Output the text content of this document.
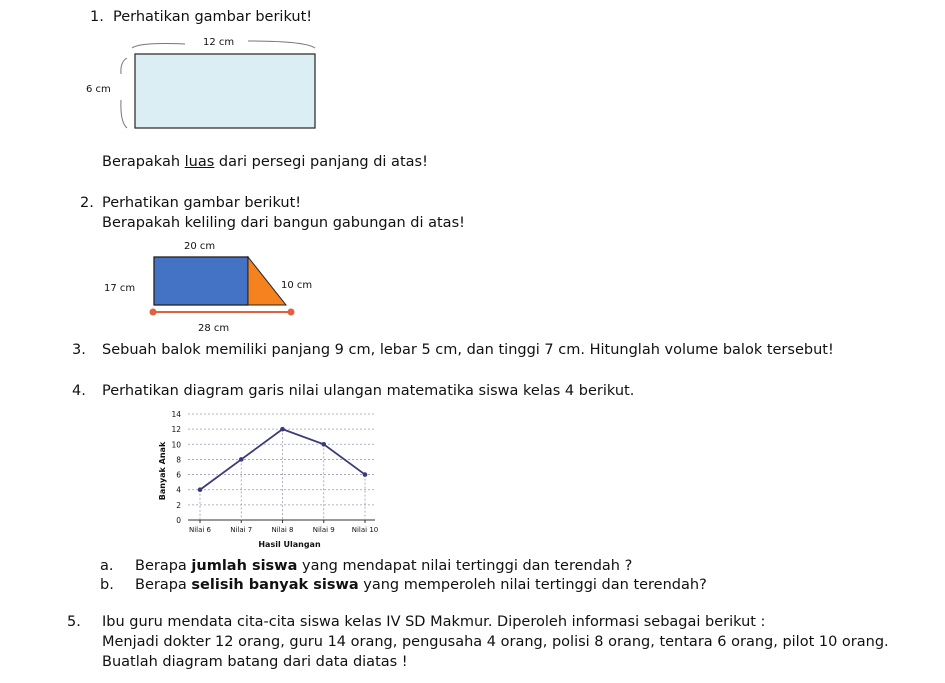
1. Perhatikan gambar berikut!
12 cm
6 cm
Berapakah luas dari persegi panjang di atas!
2. Perhatikan gambar berikut!
Berapakah keliling dari bangun gabungan di atas!
20 cm
17 cm	10 cm
28 cm
3. Sebuah balok memiliki panjang 9 cm, lebar 5 cm, dan tinggi 7 cm. Hitunglah volume balok tersebut!
4. Perhatikan diagram garis nilai ulangan matematika siswa kelas 4 berikut.
0
2
4
6
8
10
12
14
Nilai 6	Nilai 7	Nilai 8	Nilai 9 Nilai 10
Hasil Ulangan
Banyak Anak
a. Berapa jumlah siswa yang mendapat nilai tertinggi dan terendah ?
b. Berapa selisih banyak siswa yang memperoleh nilai tertinggi dan terendah?
5. Ibu guru mendata cita-cita siswa kelas IV SD Makmur. Diperoleh informasi sebagai berikut :
Menjadi dokter 12 orang, guru 14 orang, pengusaha 4 orang, polisi 8 orang, tentara 6 orang, pilot 10 orang.
Buatlah diagram batang dari data diatas !
